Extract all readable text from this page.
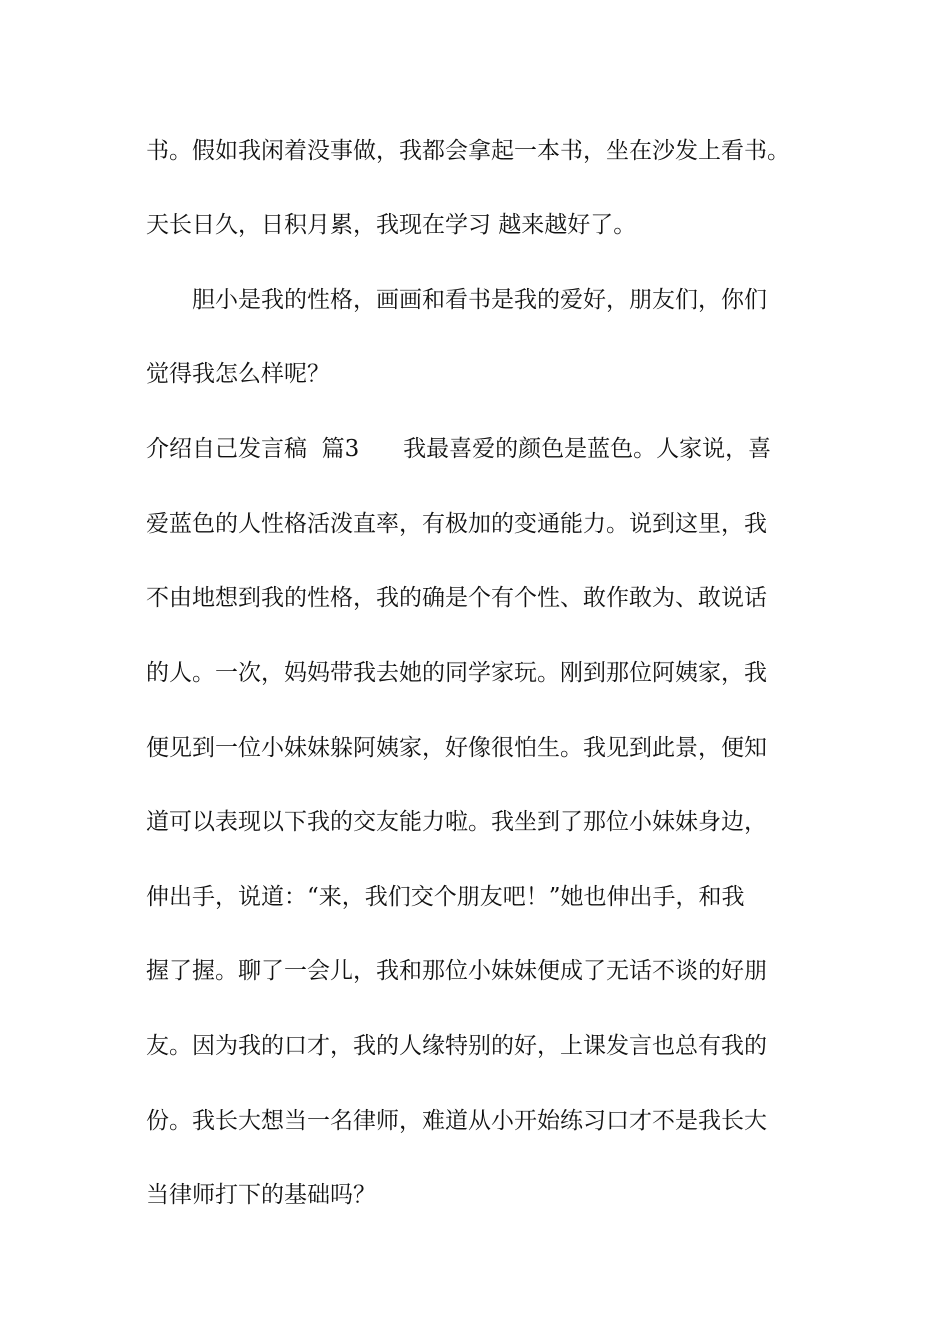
书。假如我闲着没事做，我都会拿起一本书，坐在沙发上看书。
天长日久，日积月累，我现在学习 越来越好了。
胆小是我的性格，画画和看书是我的爱好，朋友们，你们
觉得我怎么样呢？
介绍自己发言稿  篇3      我最喜爱的颜色是蓝色。人家说，喜
爱蓝色的人性格活泼直率，有极加的变通能力。说到这里，我
不由地想到我的性格，我的确是个有个性、敢作敢为、敢说话
的人。一次，妈妈带我去她的同学家玩。刚到那位阿姨家，我
便见到一位小妹妹躲阿姨家，好像很怕生。我见到此景，便知
道可以表现以下我的交友能力啦。我坐到了那位小妹妹身边，
伸出手，说道：“来，我们交个朋友吧！”她也伸出手，和我
握了握。聊了一会儿，我和那位小妹妹便成了无话不谈的好朋
友。因为我的口才，我的人缘特别的好，上课发言也总有我的
份。我长大想当一名律师，难道从小开始练习口才不是我长大
当律师打下的基础吗？
